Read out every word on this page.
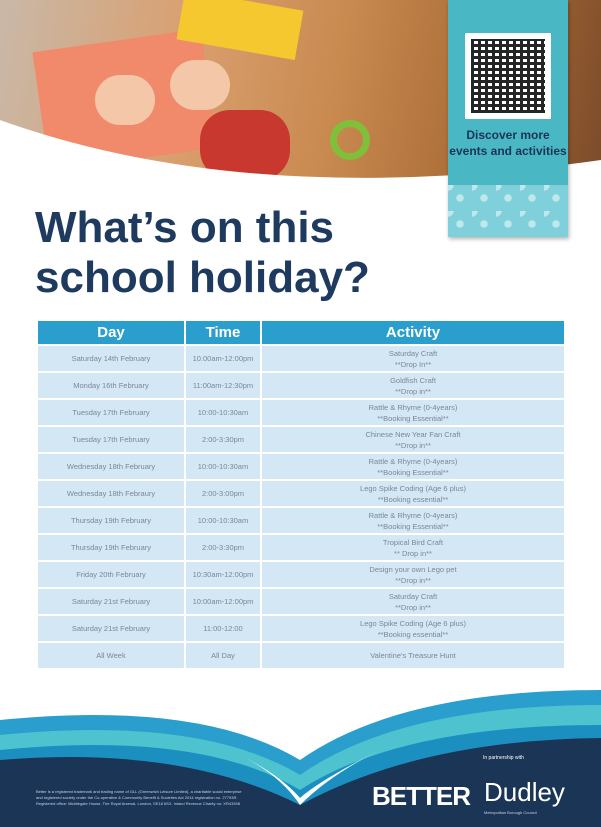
Discover more events and activities
What’s on this school holiday?
Day	Time	Activity
Saturday 14th February	10.00am-12:00pm	Saturday Craft
**Drop In**

Monday 16th February	11:00am-12:30pm	Goldfish Craft
**Drop in**

Tuesday 17th February	10:00-10:30am	Rattle & Rhyme (0-4years)
**Booking Essential**

Tuesday 17th February	2:00-3:30pm	Chinese New Year Fan Craft
**Drop in**

Wednesday 18th February	10:00-10:30am	Rattle & Rhyme (0-4years)
**Booking Essential**

Wednesday 18th Febraury	2:00-3:00pm	Lego Spike Coding (Age 6 plus)
**Booking essential**

Thursday 19th February	10:00-10:30am	Rattle & Rhyme (0-4years)
**Booking Essential**

Thursday 19th February	2:00-3:30pm	Tropical Bird Craft
** Drop in**

Friday 20th February	10:30am-12:00pm	Design your own Lego pet
**Drop in**

Saturday 21st February	10:00am-12:00pm	Saturday Craft
**Drop in**

Saturday 21st February	11:00-12:00	Lego Spike Coding (Age 6 plus)
**Booking essential**

All Week	All Day	Valentine's Treasure Hunt
Better is a registered trademark and trading name of GLL (Greenwich Leisure Limited), a charitable social enterprise and registered society under the Co-operative & Community Benefit & Societies Act 2014 registration no. 27793R. Registered office: Middlegate House, The Royal Arsenal, London, SE18 6SX. Inland Revenue Charity no: XR43398
In partnership with
BETTER Dudley
Metropolitan Borough Council
